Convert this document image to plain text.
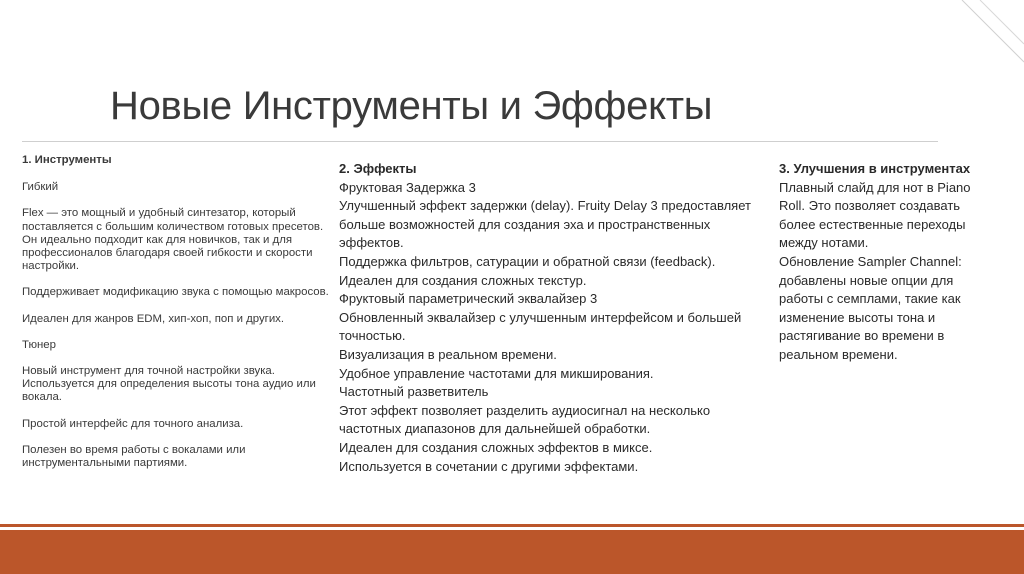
Новые Инструменты и Эффекты

1. Инструменты

Гибкий

Flex — это мощный и удобный синтезатор, который поставляется с большим количеством готовых пресетов. Он идеально подходит как для новичков, так и для профессионалов благодаря своей гибкости и скорости настройки.

Поддерживает модификацию звука с помощью макросов.

Идеален для жанров EDM, хип-хоп, поп и других.

Тюнер

Новый инструмент для точной настройки звука. Используется для определения высоты тона аудио или вокала.

Простой интерфейс для точного анализа.

Полезен во время работы с вокалами или инструментальными партиями.

2. Эффекты
Фруктовая Задержка 3
Улучшенный эффект задержки (delay). Fruity Delay 3 предоставляет больше возможностей для создания эха и пространственных эффектов.
Поддержка фильтров, сатурации и обратной связи (feedback).
Идеален для создания сложных текстур.
Фруктовый параметрический эквалайзер 3
Обновленный эквалайзер с улучшенным интерфейсом и большей точностью.
Визуализация в реальном времени.
Удобное управление частотами для микширования.
Частотный разветвитель
Этот эффект позволяет разделить аудиосигнал на несколько частотных диапазонов для дальнейшей обработки.
Идеален для создания сложных эффектов в миксе.
Используется в сочетании с другими эффектами.
3. Улучшения в инструментах
Плавный слайд для нот в Piano Roll. Это позволяет создавать более естественные переходы между нотами.
Обновление Sampler Channel: добавлены новые опции для работы с семплами, такие как изменение высоты тона и растягивание во времени в реальном времени.
